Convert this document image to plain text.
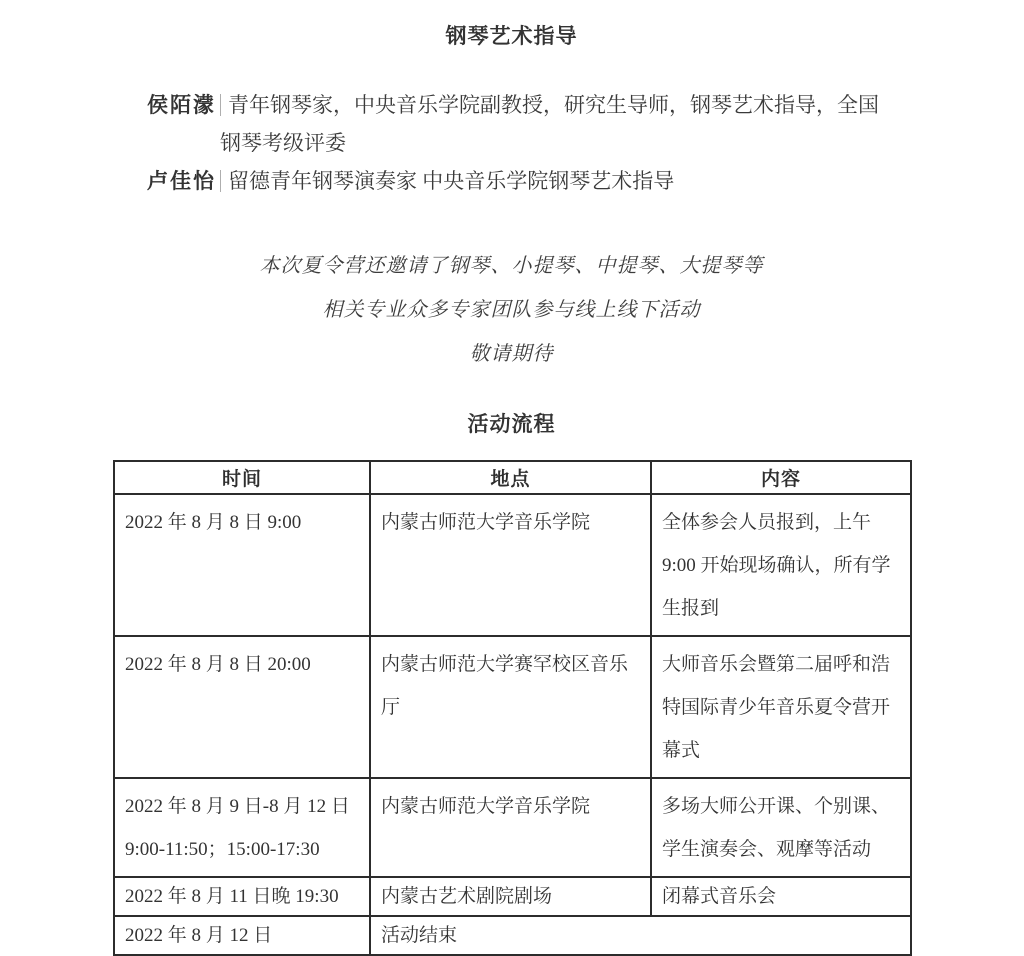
钢琴艺术指导

侯陌濛 青年钢琴家，中央音乐学院副教授，研究生导师，钢琴艺术指导，全国钢琴考级评委

卢佳怡 留德青年钢琴演奏家 中央音乐学院钢琴艺术指导

本次夏令营还邀请了钢琴、小提琴、中提琴、大提琴等

相关专业众多专家团队参与线上线下活动

敬请期待

活动流程
时间	地点	内容
2022 年 8 月 8 日 9:00	内蒙古师范大学音乐学院	全体参会人员报到，上午 9:00 开始现场确认，所有学生报到
2022 年 8 月 8 日 20:00	内蒙古师范大学赛罕校区音乐厅	大师音乐会暨第二届呼和浩特国际青少年音乐夏令营开幕式
2022 年 8 月 9 日-8 月 12 日 9:00-11:50；15:00-17:30	内蒙古师范大学音乐学院	多场大师公开课、个别课、学生演奏会、观摩等活动
2022 年 8 月 11 日晚 19:30	内蒙古艺术剧院剧场	闭幕式音乐会
2022 年 8 月 12 日	活动结束	
